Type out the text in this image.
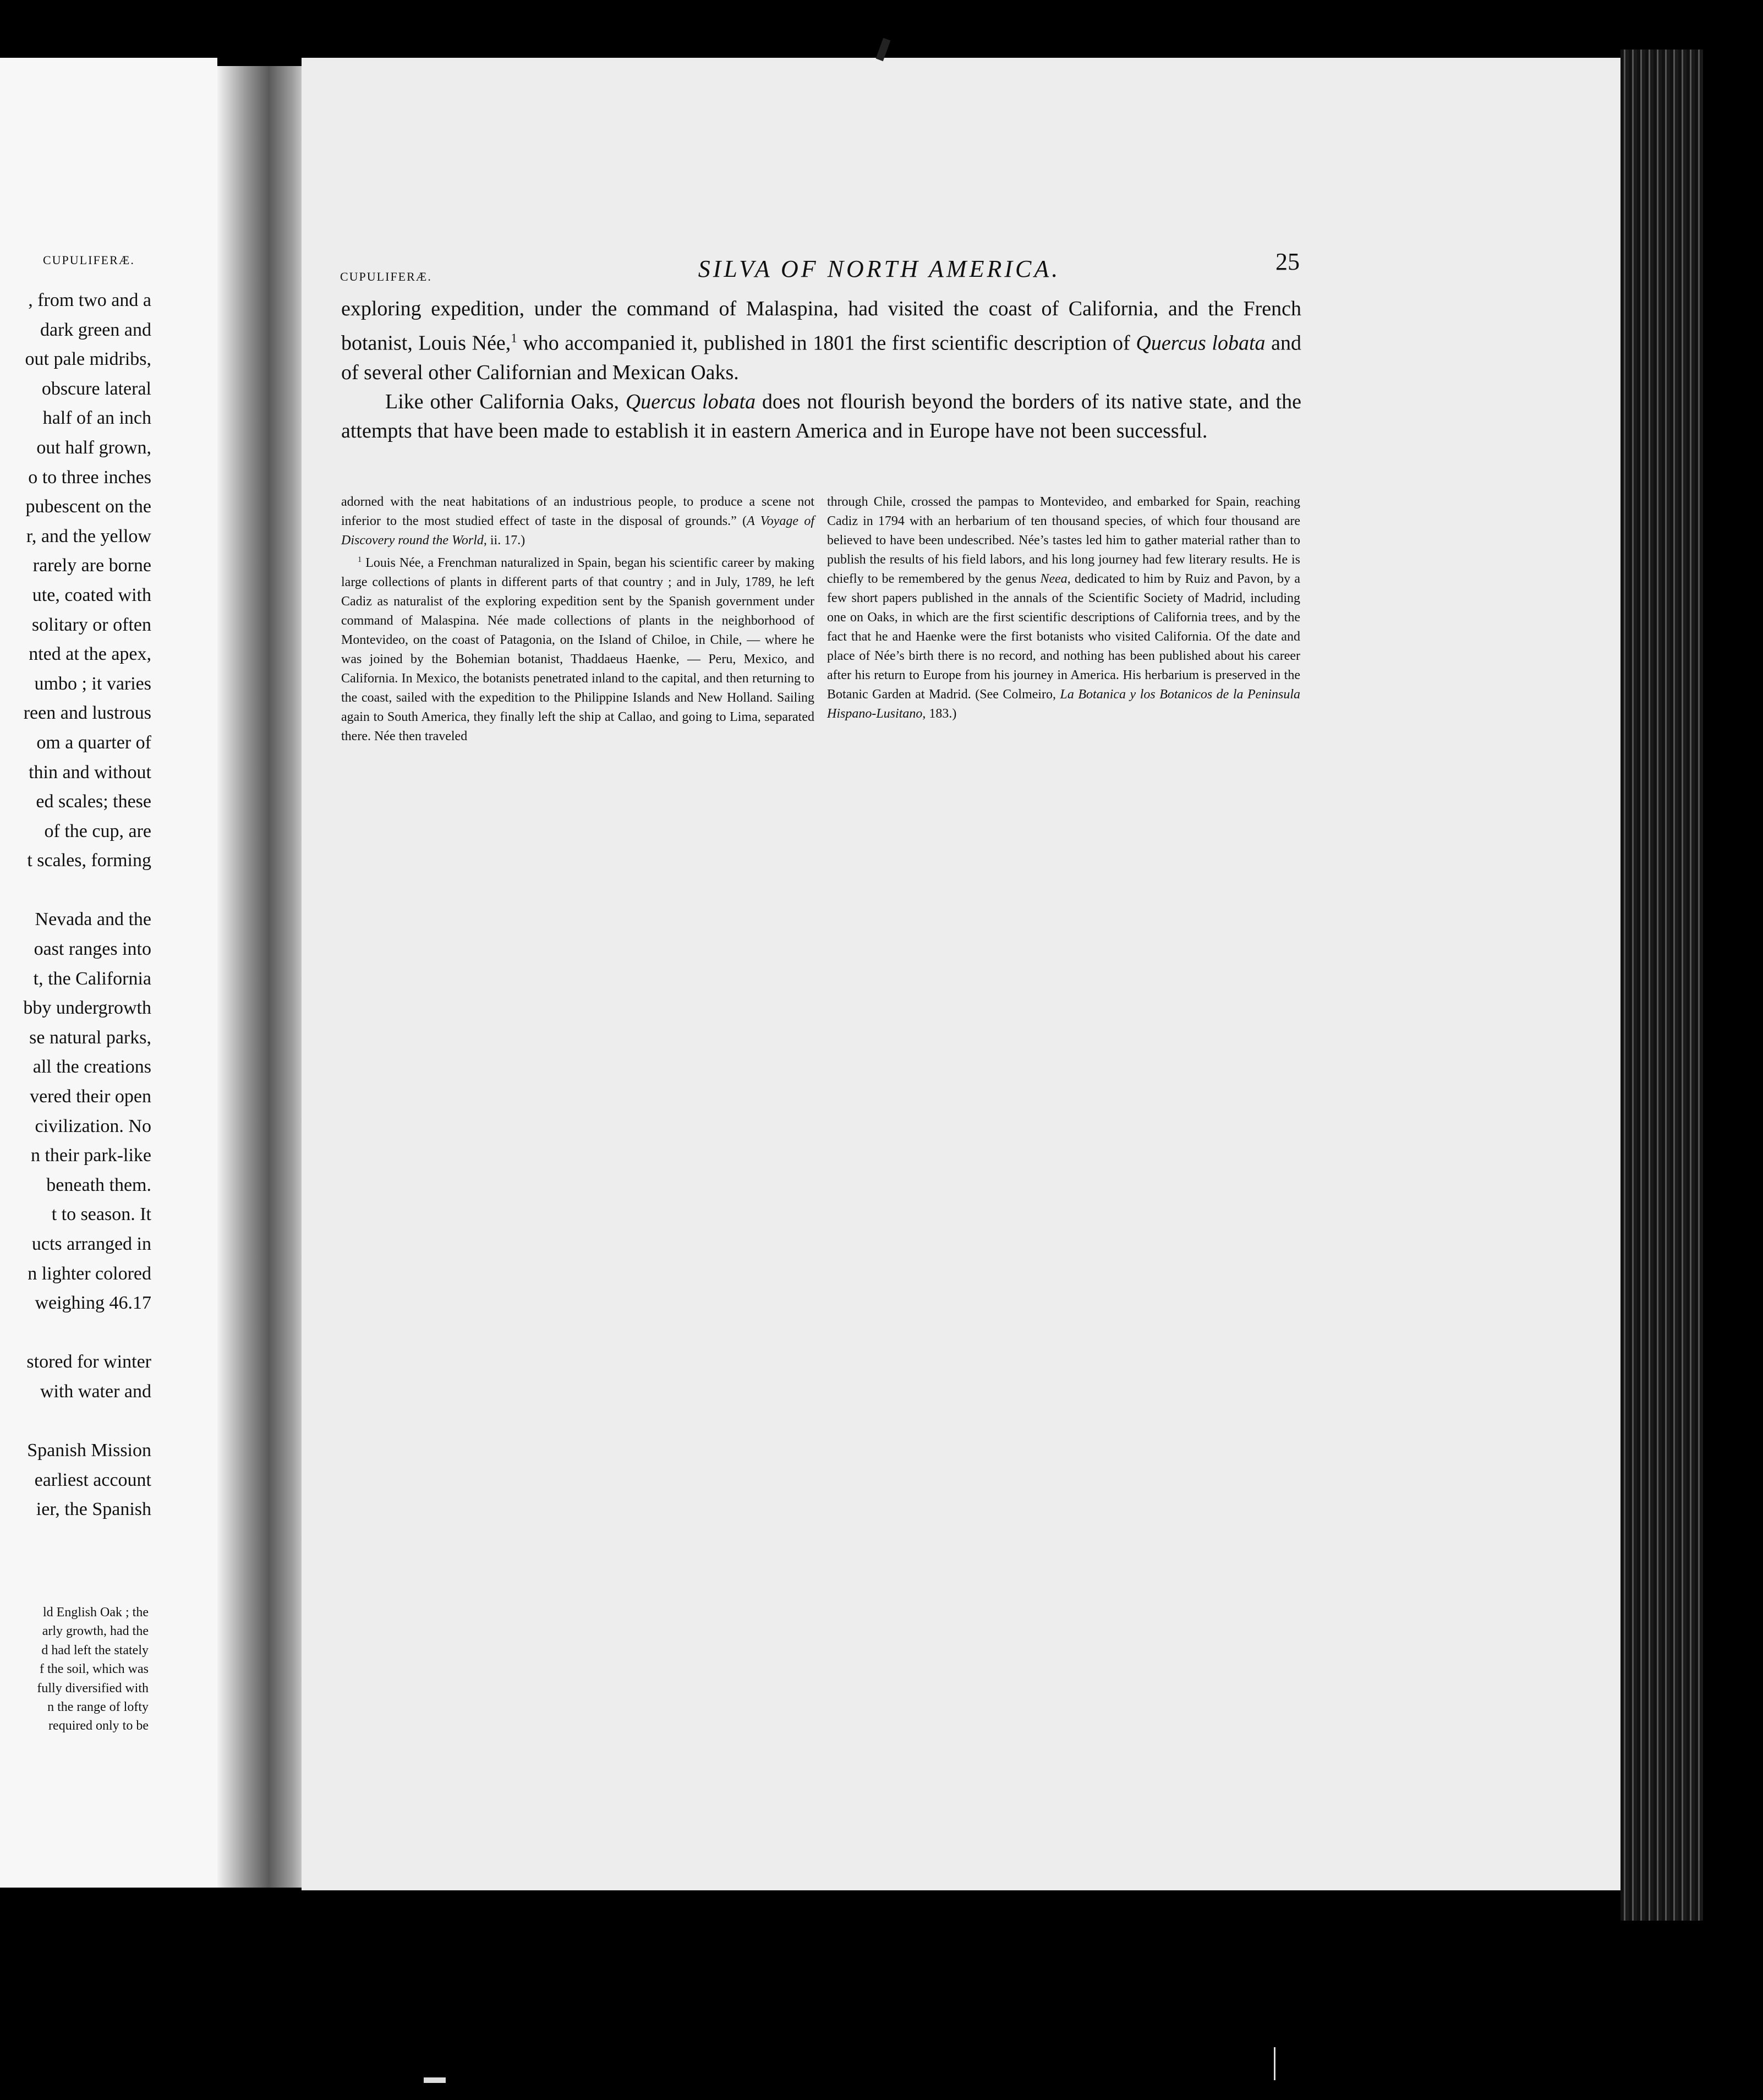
CUPULIFERÆ.
, from two and a
dark green and
out pale midribs,
obscure lateral
half of an inch
out half grown,
o to three inches
pubescent on the
r, and the yellow
rarely are borne
ute, coated with
solitary or often
nted at the apex,
umbo ; it varies
reen and lustrous
om a quarter of
thin and without
ed scales; these
of the cup, are
t scales, forming

Nevada and the
oast ranges into
t, the California
bby undergrowth
se natural parks,
all the creations
vered their open
civilization. No
n their park-like
beneath them.
t to season. It
ucts arranged in
n lighter colored
weighing 46.17

stored for winter
with water and

Spanish Mission
earliest account
ier, the Spanish
ld English Oak ; the
arly growth, had the
d had left the stately
f the soil, which was
fully diversified with
n the range of lofty
required only to be
CUPULIFERÆ.	SILVA OF NORTH AMERICA.	25

exploring expedition, under the command of Malaspina, had visited the coast of California, and the French botanist, Louis Née,$^1$ who accompanied it, published in 1801 the first scientific description of Quercus lobata and of several other Californian and Mexican Oaks.

Like other California Oaks, Quercus lobata does not flourish beyond the borders of its native state, and the attempts that have been made to establish it in eastern America and in Europe have not been successful.

adorned with the neat habitations of an industrious people, to produce a scene not inferior to the most studied effect of taste in the disposal of grounds.” (A Voyage of Discovery round the World, ii. 17.)

$^1$ Louis Née, a Frenchman naturalized in Spain, began his scientific career by making large collections of plants in different parts of that country ; and in July, 1789, he left Cadiz as naturalist of the exploring expedition sent by the Spanish government under command of Malaspina. Née made collections of plants in the neighborhood of Montevideo, on the coast of Patagonia, on the Island of Chiloe, in Chile, — where he was joined by the Bohemian botanist, Thaddaeus Haenke, — Peru, Mexico, and California. In Mexico, the botanists penetrated inland to the capital, and then returning to the coast, sailed with the expedition to the Philippine Islands and New Holland. Sailing again to South America, they finally left the ship at Callao, and going to Lima, separated there. Née then traveled

through Chile, crossed the pampas to Montevideo, and embarked for Spain, reaching Cadiz in 1794 with an herbarium of ten thousand species, of which four thousand are believed to have been undescribed. Née’s tastes led him to gather material rather than to publish the results of his field labors, and his long journey had few literary results. He is chiefly to be remembered by the genus Neea, dedicated to him by Ruiz and Pavon, by a few short papers published in the annals of the Scientific Society of Madrid, including one on Oaks, in which are the first scientific descriptions of California trees, and by the fact that he and Haenke were the first botanists who visited California. Of the date and place of Née’s birth there is no record, and nothing has been published about his career after his return to Europe from his journey in America. His herbarium is preserved in the Botanic Garden at Madrid. (See Colmeiro, La Botanica y los Botanicos de la Peninsula Hispano-Lusitano, 183.)
